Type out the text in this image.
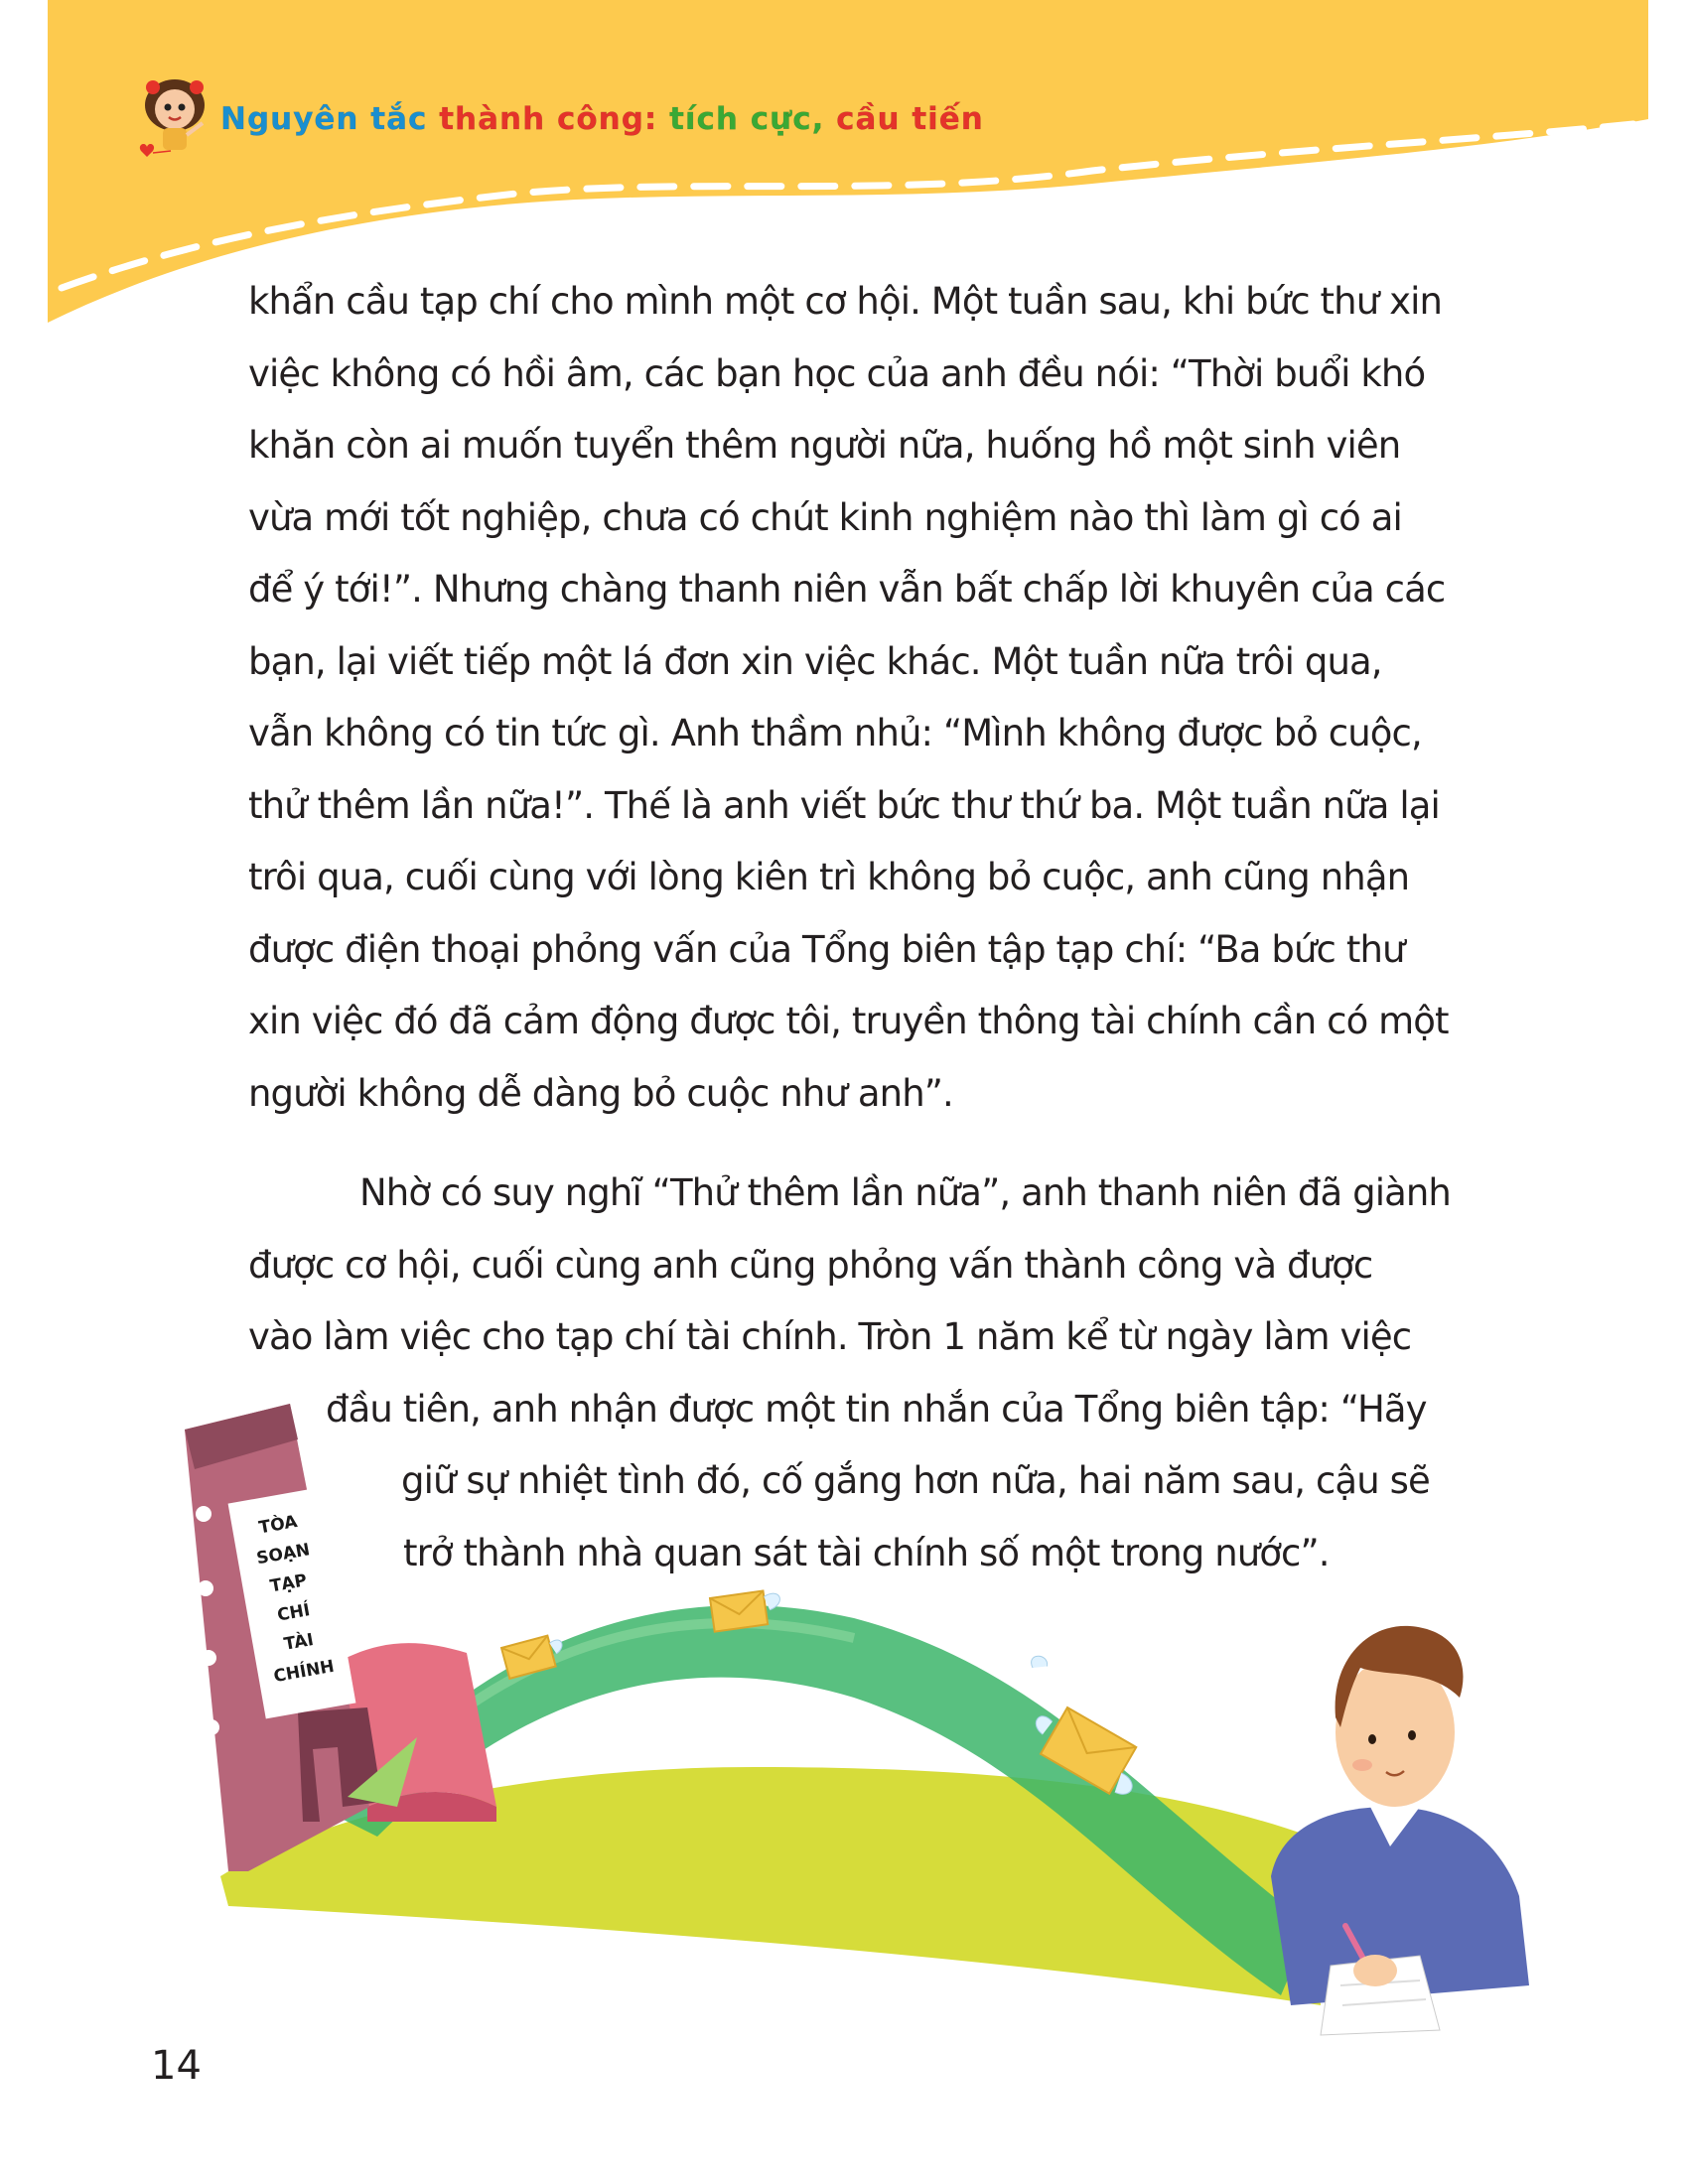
Nguyên tắc thành công: tích cực, cầu tiến
khẩn cầu tạp chí cho mình một cơ hội. Một tuần sau, khi bức thư xin
việc không có hồi âm, các bạn học của anh đều nói: “Thời buổi khó
khăn còn ai muốn tuyển thêm người nữa, huống hồ một sinh viên
vừa mới tốt nghiệp, chưa có chút kinh nghiệm nào thì làm gì có ai
để ý tới!”. Nhưng chàng thanh niên vẫn bất chấp lời khuyên của các
bạn, lại viết tiếp một lá đơn xin việc khác. Một tuần nữa trôi qua,
vẫn không có tin tức gì. Anh thầm nhủ: “Mình không được bỏ cuộc,
thử thêm lần nữa!”. Thế là anh viết bức thư thứ ba. Một tuần nữa lại
trôi qua, cuối cùng với lòng kiên trì không bỏ cuộc, anh cũng nhận
được điện thoại phỏng vấn của Tổng biên tập tạp chí: “Ba bức thư
xin việc đó đã cảm động được tôi, truyền thông tài chính cần có một
người không dễ dàng bỏ cuộc như anh”.
Nhờ có suy nghĩ “Thử thêm lần nữa”, anh thanh niên đã giành
được cơ hội, cuối cùng anh cũng phỏng vấn thành công và được
vào làm việc cho tạp chí tài chính. Tròn 1 năm kể từ ngày làm việc
đầu tiên, anh nhận được một tin nhắn của Tổng biên tập: “Hãy
giữ sự nhiệt tình đó, cố gắng hơn nữa, hai năm sau, cậu sẽ
trở thành nhà quan sát tài chính số một trong nước”.
TÒA
SOẠN
TẠP
CHÍ
TÀI
CHÍNH
14
